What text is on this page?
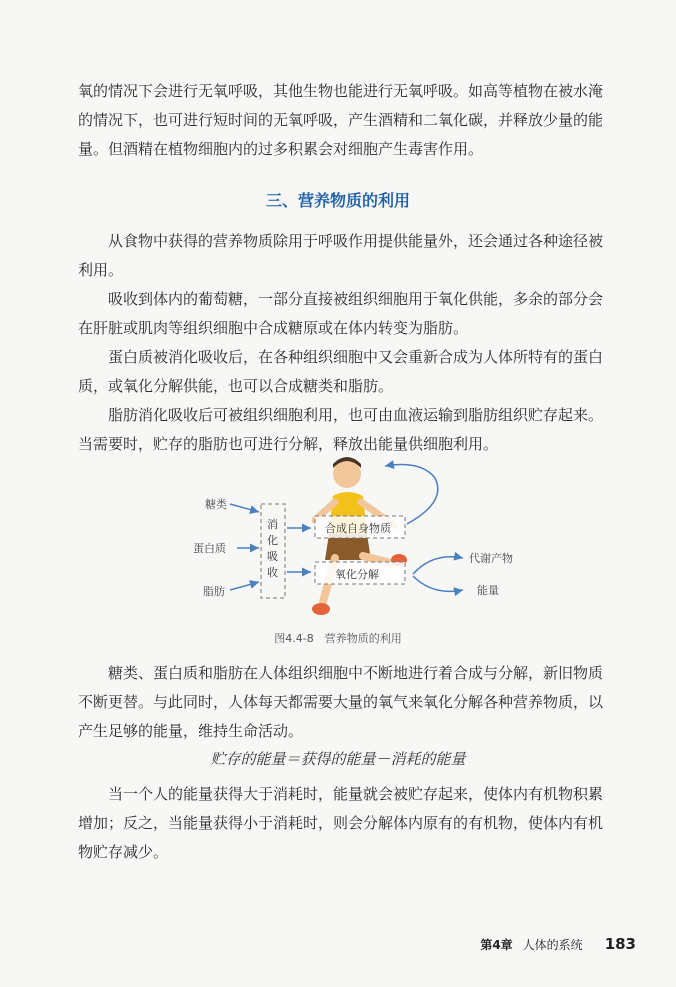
氧的情况下会进行无氧呼吸，其他生物也能进行无氧呼吸。如高等植物在被水淹的情况下，也可进行短时间的无氧呼吸，产生酒精和二氧化碳，并释放少量的能量。但酒精在植物细胞内的过多积累会对细胞产生毒害作用。

三、营养物质的利用

从食物中获得的营养物质除用于呼吸作用提供能量外，还会通过各种途径被利用。

吸收到体内的葡萄糖，一部分直接被组织细胞用于氧化供能，多余的部分会在肝脏或肌肉等组织细胞中合成糖原或在体内转变为脂肪。

蛋白质被消化吸收后，在各种组织细胞中又会重新合成为人体所特有的蛋白质，或氧化分解供能，也可以合成糖类和脂肪。

脂肪消化吸收后可被组织细胞利用，也可由血液运输到脂肪组织贮存起来。当需要时，贮存的脂肪也可进行分解，释放出能量供细胞利用。

糖类
蛋白质
脂肪
消
化
吸
收
合成自身物质
氧化分解
代谢产物
能量
图4.4-8　营养物质的利用

糖类、蛋白质和脂肪在人体组织细胞中不断地进行着合成与分解，新旧物质不断更替。与此同时，人体每天都需要大量的氧气来氧化分解各种营养物质，以产生足够的能量，维持生命活动。

贮存的能量＝获得的能量－消耗的能量

当一个人的能量获得大于消耗时，能量就会被贮存起来，使体内有机物积累增加；反之，当能量获得小于消耗时，则会分解体内原有的有机物，使体内有机物贮存减少。

第4章 人体的系统 183
